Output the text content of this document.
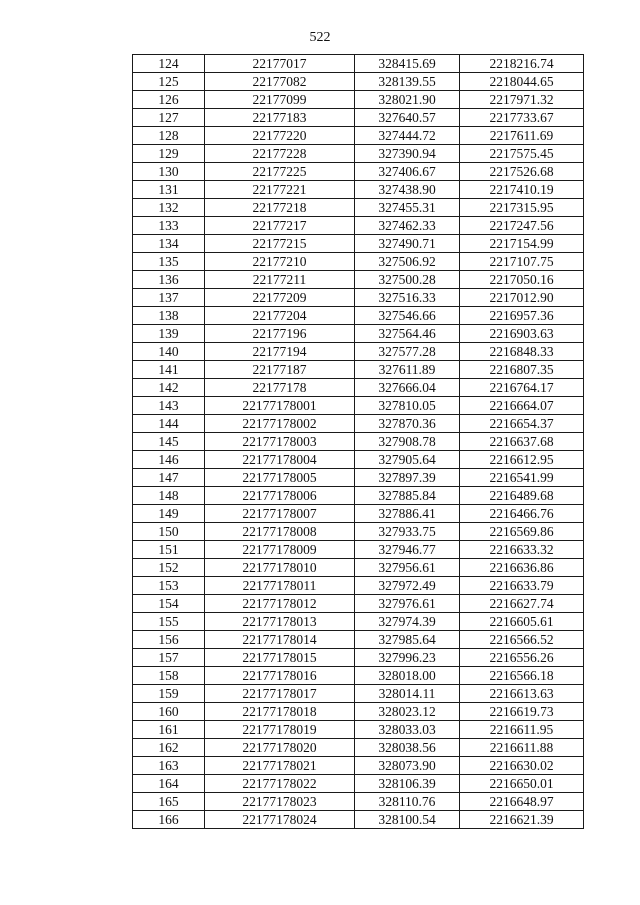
522
124	22177017	328415.69	2218216.74
125	22177082	328139.55	2218044.65
126	22177099	328021.90	2217971.32
127	22177183	327640.57	2217733.67
128	22177220	327444.72	2217611.69
129	22177228	327390.94	2217575.45
130	22177225	327406.67	2217526.68
131	22177221	327438.90	2217410.19
132	22177218	327455.31	2217315.95
133	22177217	327462.33	2217247.56
134	22177215	327490.71	2217154.99
135	22177210	327506.92	2217107.75
136	22177211	327500.28	2217050.16
137	22177209	327516.33	2217012.90
138	22177204	327546.66	2216957.36
139	22177196	327564.46	2216903.63
140	22177194	327577.28	2216848.33
141	22177187	327611.89	2216807.35
142	22177178	327666.04	2216764.17
143	22177178001	327810.05	2216664.07
144	22177178002	327870.36	2216654.37
145	22177178003	327908.78	2216637.68
146	22177178004	327905.64	2216612.95
147	22177178005	327897.39	2216541.99
148	22177178006	327885.84	2216489.68
149	22177178007	327886.41	2216466.76
150	22177178008	327933.75	2216569.86
151	22177178009	327946.77	2216633.32
152	22177178010	327956.61	2216636.86
153	22177178011	327972.49	2216633.79
154	22177178012	327976.61	2216627.74
155	22177178013	327974.39	2216605.61
156	22177178014	327985.64	2216566.52
157	22177178015	327996.23	2216556.26
158	22177178016	328018.00	2216566.18
159	22177178017	328014.11	2216613.63
160	22177178018	328023.12	2216619.73
161	22177178019	328033.03	2216611.95
162	22177178020	328038.56	2216611.88
163	22177178021	328073.90	2216630.02
164	22177178022	328106.39	2216650.01
165	22177178023	328110.76	2216648.97
166	22177178024	328100.54	2216621.39
